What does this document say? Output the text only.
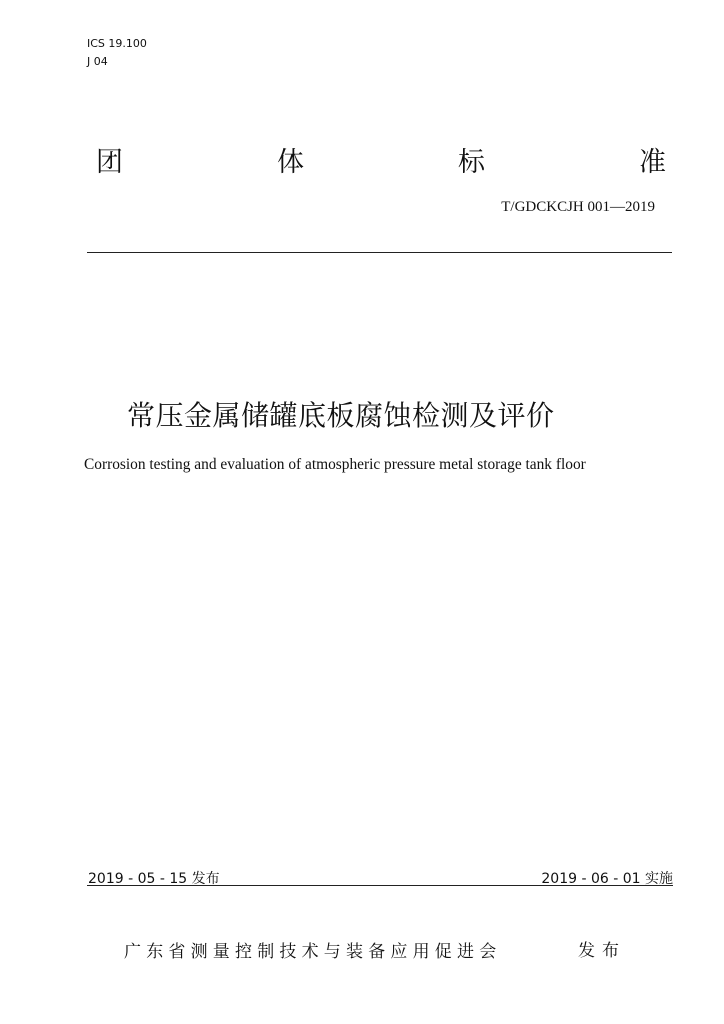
ICS 19.100
J 04
团	体	标	准
T/GDCKCJH 001—2019
常压金属储罐底板腐蚀检测及评价
Corrosion testing and evaluation of atmospheric pressure metal storage tank floor
2019 - 05 - 15 发布	2019 - 06 - 01 实施
广东省测量控制技术与装备应用促进会	发布
